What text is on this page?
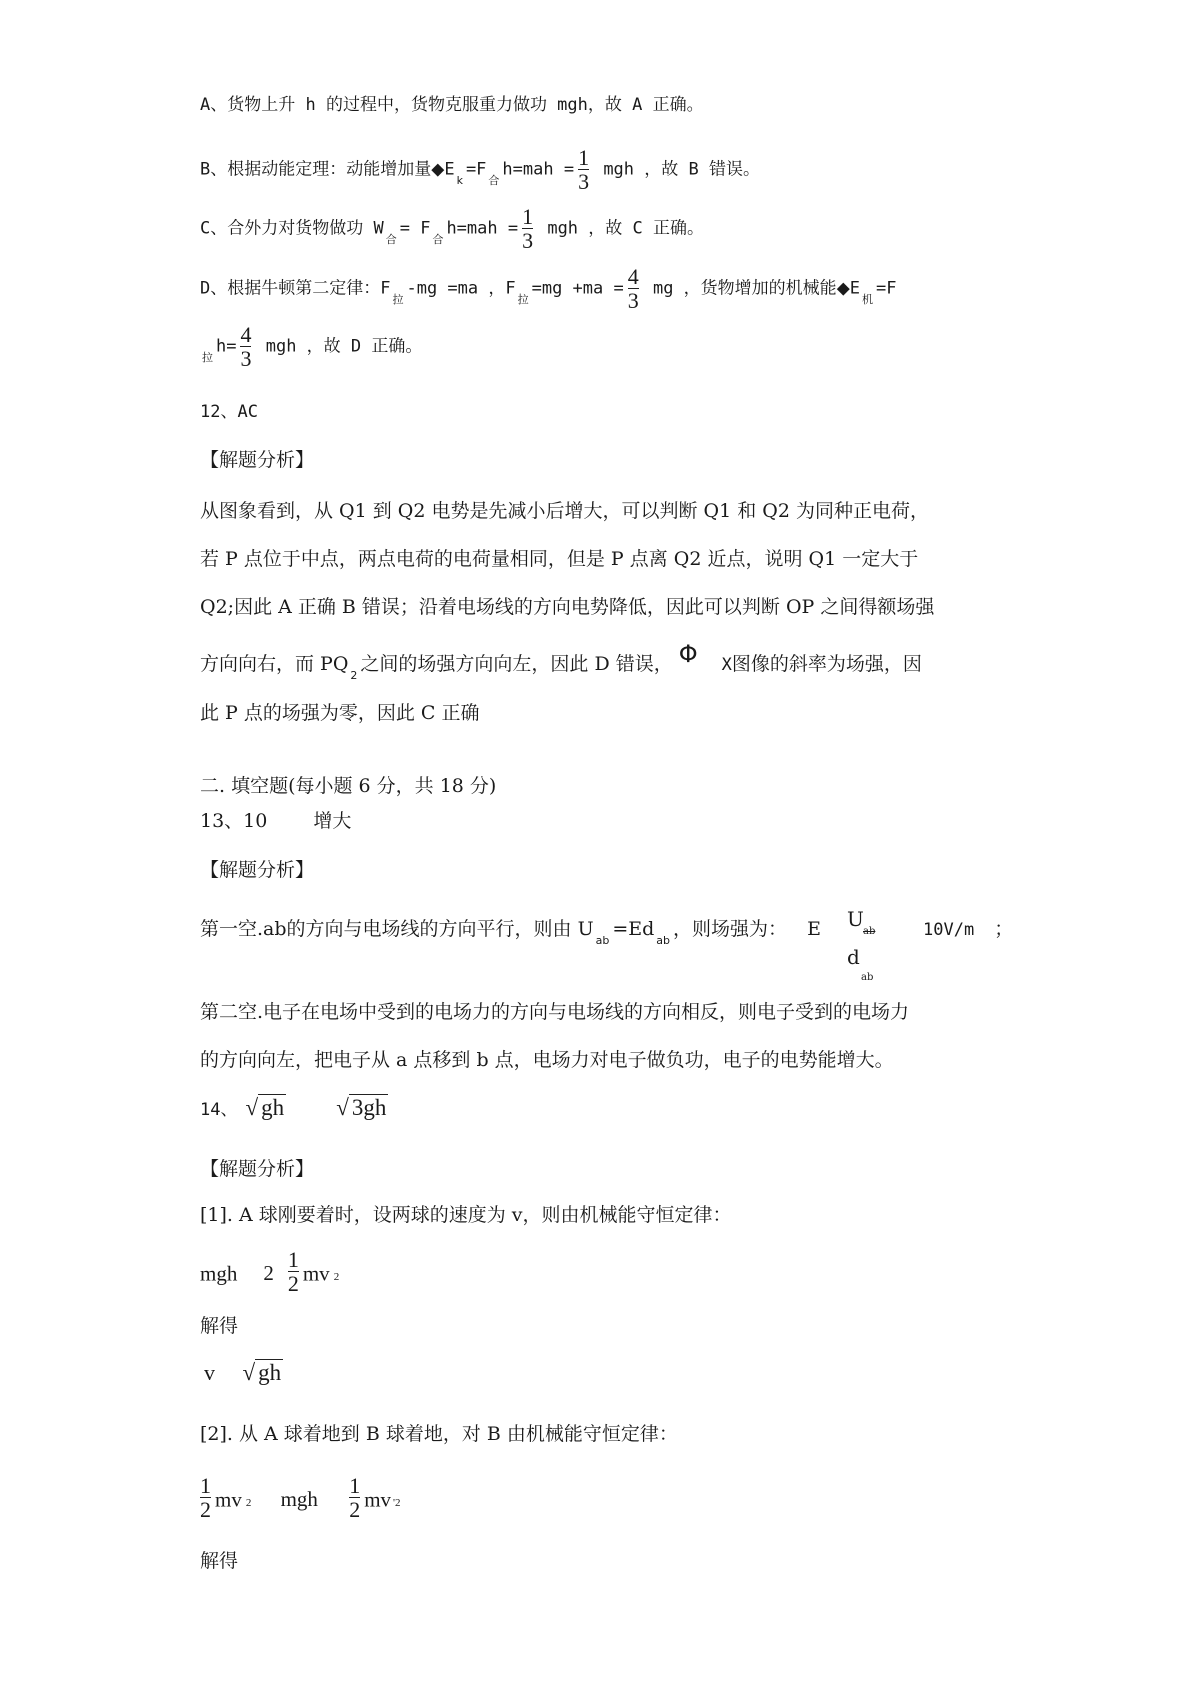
A、货物上升 h 的过程中，货物克服重力做功 mgh，故 A 正确。
B、根据动能定理：动能增加量$◆E_k=F_合h=mah = \frac{1}{3}$ mgh ，故 B 错误。
C、合外力对货物做功 $W_合= F_合h=mah = \frac{1}{3}$ mgh ，故 C 正确。
D、根据牛顿第二定律：$F_拉-mg =ma$ ，$F_拉=mg +ma = \frac{4}{3}$ mg ，货物增加的机械能$◆E_机=F$
$_拉h= \frac{4}{3}$ mgh ，故 D 正确。
12、AC
【解题分析】
从图象看到，从 Q1 到 Q2 电势是先减小后增大，可以判断 Q1 和 Q2 为同种正电荷，
若 P 点位于中点，两点电荷的电荷量相同，但是 P 点离 Q2 近点，说明 Q1 一定大于
Q2;因此 A 正确 B 错误；沿着电场线的方向电势降低，因此可以判断 OP 之间得额场强
方向向右，而 $PQ_2$之间的场强方向向左，因此 D 错误， Φ X图像的斜率为场强，因
此 P 点的场强为零，因此 C 正确
二. 填空题(每小题 6 分，共 18 分)
13、10 增大
【解题分析】
第一空.ab的方向与电场线的方向平行，则由 $U_{ab}=Ed_{ab}$，则场强为： E U
ab
d
ab
10V/m ；
第二空.电子在电场中受到的电场力的方向与电场线的方向相反，则电子受到的电场力
的方向向左，把电子从 a 点移到 b 点，电场力对电子做负功，电子的电势能增大。
14、 √ gh √ 3gh
【解题分析】
[1]. A 球刚要着时，设两球的速度为 v，则由机械能守恒定律：
mgh $2 \frac{1}{2}$ mv 2
解得
v √ gh
[2]. 从 A 球着地到 B 球着地，对 B 由机械能守恒定律：
$\frac{1}{2}$ mv 2 mgh $\frac{1}{2}$ mv '2
解得
